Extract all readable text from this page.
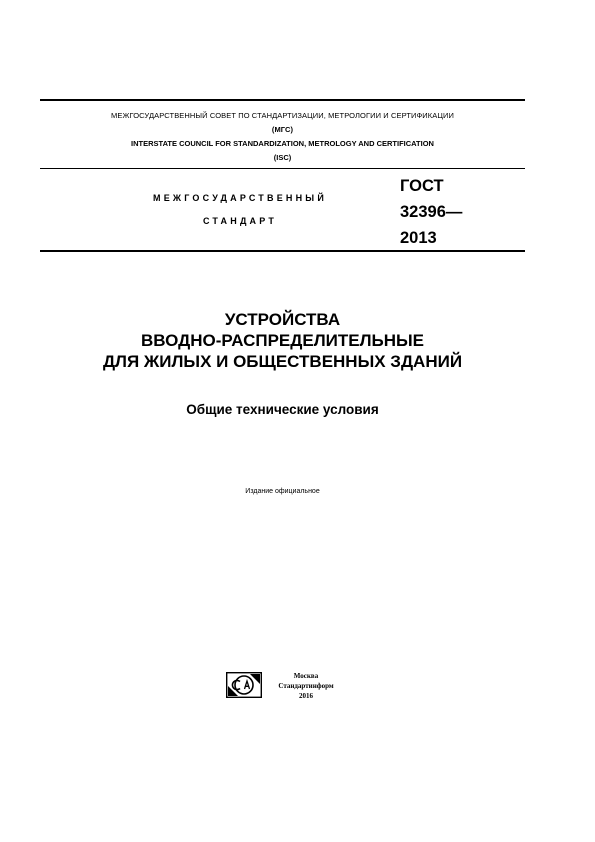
МЕЖГОСУДАРСТВЕННЫЙ СОВЕТ ПО СТАНДАРТИЗАЦИИ, МЕТРОЛОГИИ И СЕРТИФИКАЦИИ
(МГС)
INTERSTATE COUNCIL FOR STANDARDIZATION, METROLOGY AND CERTIFICATION
(ISC)
МЕЖГОСУДАРСТВЕННЫЙ
СТАНДАРТ
ГОСТ
32396—
2013
УСТРОЙСТВА
ВВОДНО-РАСПРЕДЕЛИТЕЛЬНЫЕ
ДЛЯ ЖИЛЫХ И ОБЩЕСТВЕННЫХ ЗДАНИЙ
Общие технические условия
Издание официальное
Москва
Стандартинформ
2016
